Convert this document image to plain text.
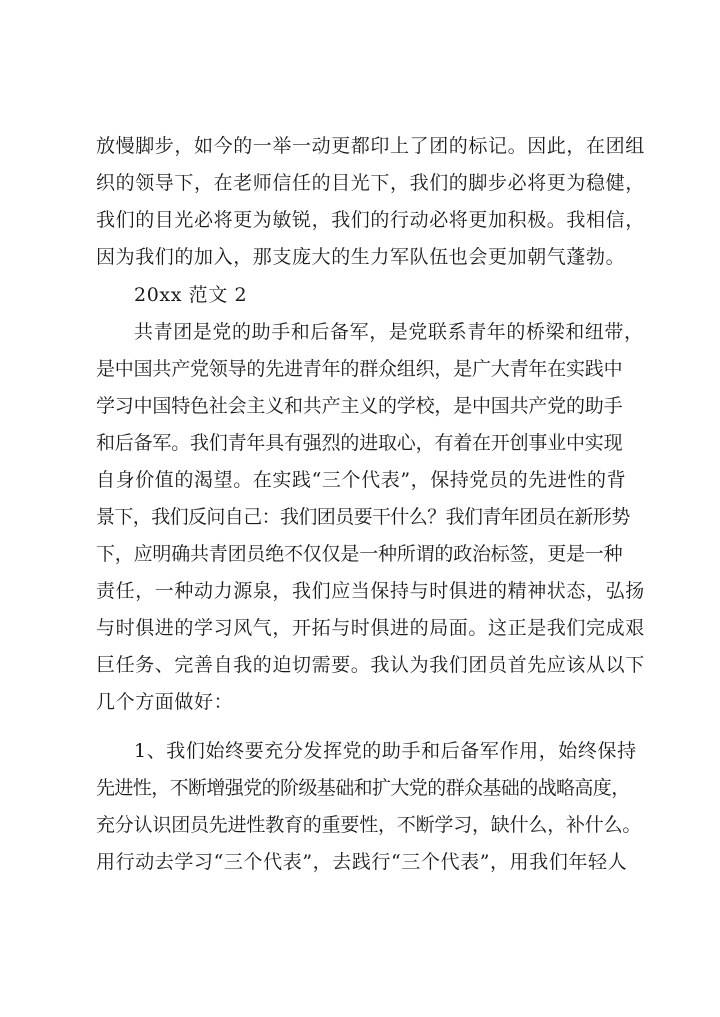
放慢脚步，如今的一举一动更都印上了团的标记。因此，在团组
织的领导下，在老师信任的目光下，我们的脚步必将更为稳健，
我们的目光必将更为敏锐，我们的行动必将更加积极。我相信，
因为我们的加入，那支庞大的生力军队伍也会更加朝气蓬勃。
20xx 范文 2
共青团是党的助手和后备军，是党联系青年的桥梁和纽带，
是中国共产党领导的先进青年的群众组织，是广大青年在实践中
学习中国特色社会主义和共产主义的学校，是中国共产党的助手
和后备军。我们青年具有强烈的进取心，有着在开创事业中实现
自身价值的渴望。在实践“三个代表”，保持党员的先进性的背
景下，我们反问自己：我们团员要干什么？我们青年团员在新形势
下，应明确共青团员绝不仅仅是一种所谓的政治标签，更是一种
责任，一种动力源泉，我们应当保持与时俱进的精神状态，弘扬
与时俱进的学习风气，开拓与时俱进的局面。这正是我们完成艰
巨任务、完善自我的迫切需要。我认为我们团员首先应该从以下
几个方面做好：
1、我们始终要充分发挥党的助手和后备军作用，始终保持
先进性，不断增强党的阶级基础和扩大党的群众基础的战略高度，
充分认识团员先进性教育的重要性，不断学习，缺什么，补什么。
用行动去学习“三个代表”，去践行“三个代表”，用我们年轻人
